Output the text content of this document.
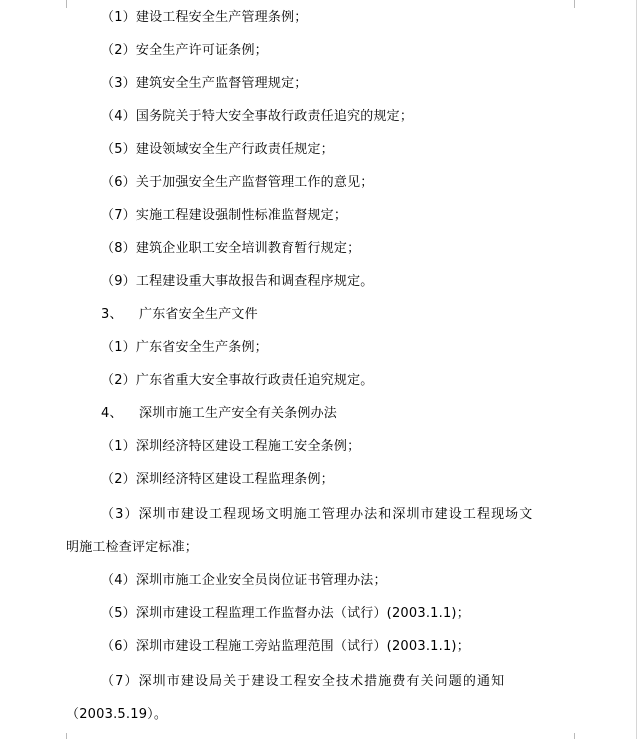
（1）建设工程安全生产管理条例；
（2）安全生产许可证条例；
（3）建筑安全生产监督管理规定；
（4）国务院关于特大安全事故行政责任追究的规定；
（5）建设领域安全生产行政责任规定；
（6）关于加强安全生产监督管理工作的意见；
（7）实施工程建设强制性标准监督规定；
（8）建筑企业职工安全培训教育暂行规定；
（9）工程建设重大事故报告和调查程序规定。
3、 广东省安全生产文件
（1）广东省安全生产条例；
（2）广东省重大安全事故行政责任追究规定。
4、 深圳市施工生产安全有关条例办法
（1）深圳经济特区建设工程施工安全条例；
（2）深圳经济特区建设工程监理条例；
（3）深圳市建设工程现场文明施工管理办法和深圳市建设工程现场文
明施工检查评定标准；
（4）深圳市施工企业安全员岗位证书管理办法；
（5）深圳市建设工程监理工作监督办法（试行）(2003.1.1)；
（6）深圳市建设工程施工旁站监理范围（试行）(2003.1.1)；
（7）深圳市建设局关于建设工程安全技术措施费有关问题的通知
（2003.5.19）。
